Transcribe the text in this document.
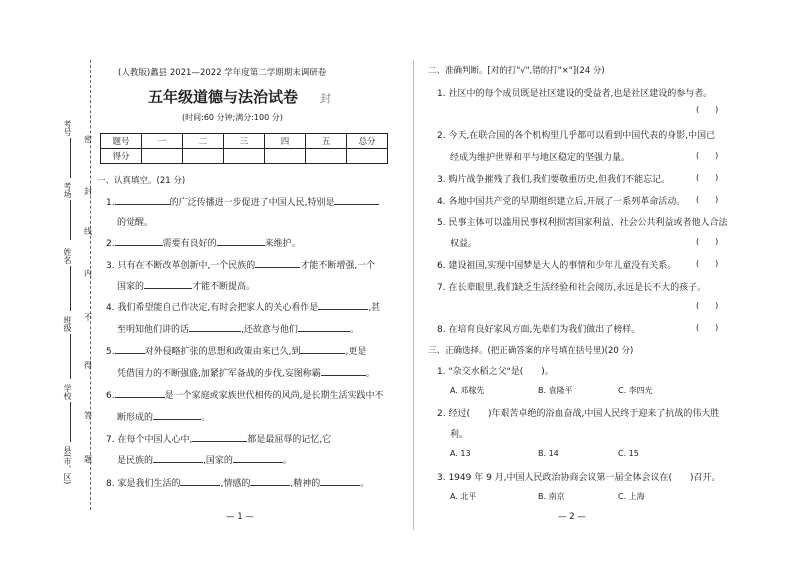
考号
考场
姓名
班级
学校
县(市、区)
密
封
线
内
不
得
答
题
(人教版)蠡县 2021—2022 学年度第二学期期末调研卷
五年级道德与法治试卷 封
(时间:60 分钟;满分:100 分)
题号	一	二	三	四	五	总分
得分						
一、认真填空。(21 分)
1.	的广泛传播进一步促进了中国人民,特别是
的觉醒。
2.	需要有良好的	来维护。
3. 只有在不断改革创新中,一个民族的	才能不断增强,一个
国家的	才能不断提高。
4. 我们希望能自己作决定,有时会把家人的关心看作是	,甚
至明知他们讲的话	,还故意与他们	。
5.	对外侵略扩张的思想和政策由来已久,到	,更是
凭借国力的不断强盛,加紧扩军备战的步伐,妄图称霸	。
6.	是一个家庭或家族世代相传的风尚,是长期生活实践中不
断形成的	。
7. 在每个中国人心中,	都是最屈辱的记忆,它
是民族的	,国家的	。
8. 家是我们生活的	,情感的	,精神的	。
— 1 —
二、准确判断。[对的打"√",错的打"×"](24 分)
1. 社区中的每个成员既是社区建设的受益者,也是社区建设的参与者。
(　　)
2. 今天,在联合国的各个机构里几乎都可以看到中国代表的身影,中国已
经成为维护世界和平与地区稳定的坚强力量。	(　　)
3. 购片战争摧残了我们,我们要敬重历史,但我们不能忘记。	(　　)
4. 各地中国共产党的早期组织建立后,开展了一系列革命活动。 (　　)
5. 民事主体可以滥用民事权利损害国家利益、社会公共利益或者他人合法
权益。	(　　)
6. 建设祖国,实现中国梦是大人的事情和少年儿童没有关系。 (　　)
7. 在长辈眼里,我们缺乏生活经验和社会阅历,永远是长不大的孩子。
(　　)
8. 在培育良好家风方面,先辈们为我们做出了榜样。	(　　)
三、正确选择。(把正确答案的序号填在括号里)(20 分)
1. "杂交水稻之父"是(　　)。
A. 邓稼先	B. 袁隆平	C. 李四光
2. 经过(　　)年艰苦卓绝的浴血奋战,中国人民终于迎来了抗战的伟大胜
利。
A. 13	B. 14	C. 15
3. 1949 年 9 月,中国人民政治协商会议第一届全体会议在(　　)召开。
A. 北平	B. 南京	C. 上海
— 2 —
